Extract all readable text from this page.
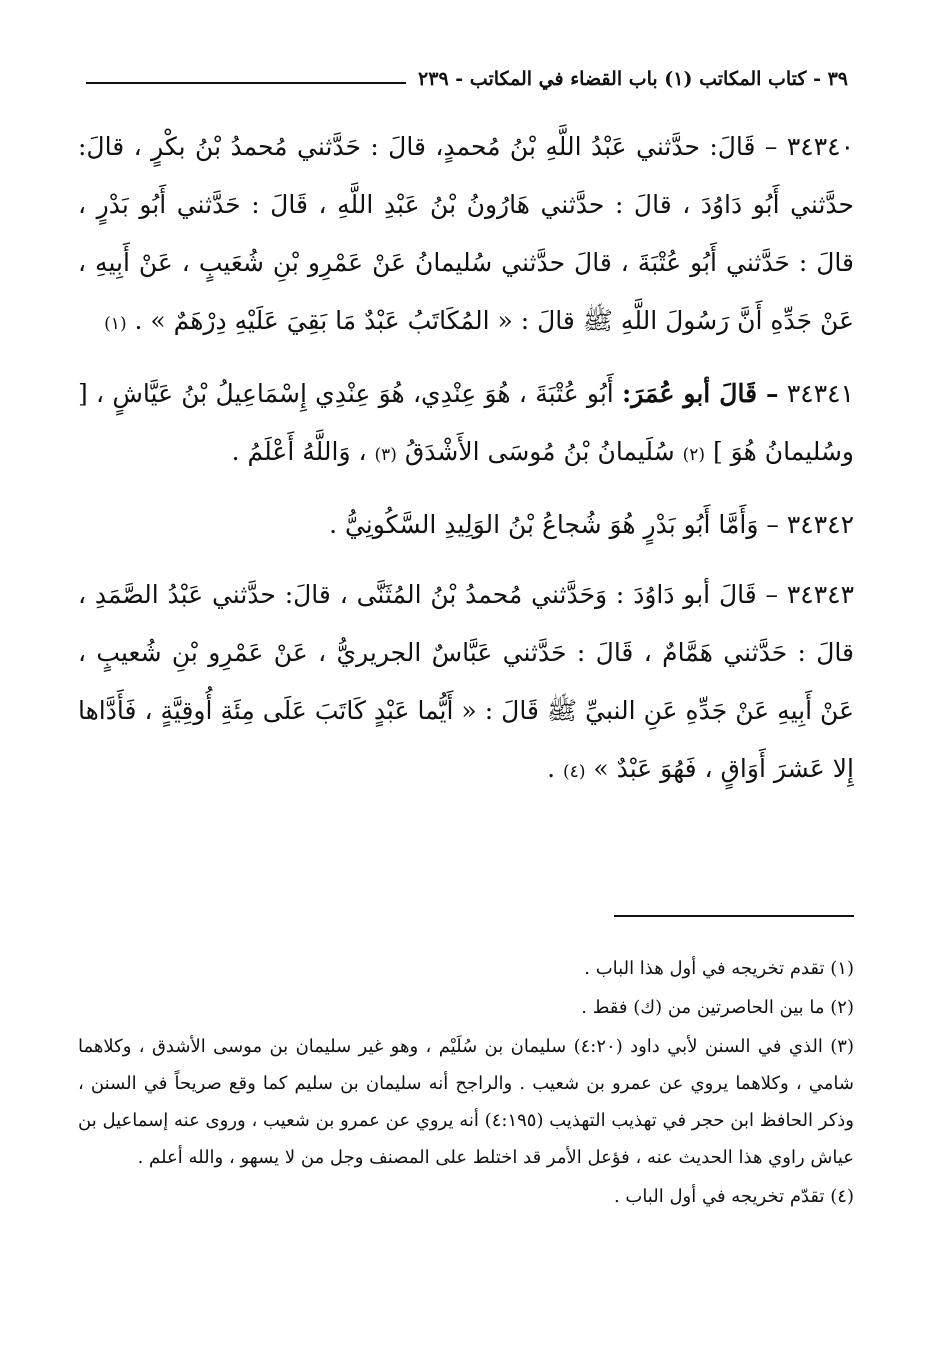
٣٩ - كتاب المكاتب (١) باب القضاء في المكاتب - ٢٣٩

٣٤٣٤٠ – قَالَ: حدَّثني عَبْدُ اللَّهِ بْنُ مُحمدٍ، قالَ : حَدَّثني مُحمدُ بْنُ بكْرٍ ، قالَ: حدَّثني أَبُو دَاوُدَ ، قالَ : حدَّثني هَارُونُ بْنُ عَبْدِ اللَّهِ ، قَالَ : حَدَّثني أَبُو بَدْرٍ ، قالَ : حَدَّثني أَبُو عُتْبَةَ ، قالَ حدَّثني سُليمانُ عَنْ عَمْرِو بْنِ شُعَيبٍ ، عَنْ أَبِيهِ ، عَنْ جَدِّهِ أَنَّ رَسُولَ اللَّهِ ﷺ قالَ : « المُكَاتَبُ عَبْدٌ مَا بَقِيَ عَلَيْهِ دِرْهَمٌ » . (١)

٣٤٣٤١ – قَالَ أبو عُمَرَ: أَبُو عُتْبَةَ ، هُوَ عِنْدِي، هُوَ عِنْدِي إِسْمَاعِيلُ بْنُ عَيَّاشٍ ، [ وسُليمانُ هُوَ ] (٢) سُلَيمانُ بْنُ مُوسَى الأَشْدَقُ (٣) ، وَاللَّهُ أَعْلَمُ .

٣٤٣٤٢ – وَأَمَّا أَبُو بَدْرٍ هُوَ شُجاعُ بْنُ الوَلِيدِ السَّكُونِيُّ .

٣٤٣٤٣ – قَالَ أبو دَاوُدَ : وَحَدَّثني مُحمدُ بْنُ المُثَنَّى ، قالَ: حدَّثني عَبْدُ الصَّمَدِ ، قالَ : حَدَّثني هَمَّامٌ ، قَالَ : حَدَّثني عَبَّاسٌ الجريريُّ ، عَنْ عَمْرِو بْنِ شُعيبٍ ، عَنْ أَبِيهِ عَنْ جَدِّهِ عَنِ النبيِّ ﷺ قَالَ : « أَيُّما عَبْدٍ كَاتَبَ عَلَى مِئَةِ أُوقِيَّةٍ ، فَأَدَّاها إِلا عَشرَ أَوَاقٍ ، فَهُوَ عَبْدٌ » (٤) .

(١) تقدم تخريجه في أول هذا الباب .

(٢) ما بين الحاصرتين من (ك) فقط .

(٣) الذي في السنن لأبي داود (٤:٢٠) سليمان بن سُلَيْم ، وهو غير سليمان بن موسى الأشدق ، وكلاهما شامي ، وكلاهما يروي عن عمرو بن شعيب . والراجح أنه سليمان بن سليم كما وقع صريحاً في السنن ، وذكر الحافظ ابن حجر في تهذيب التهذيب (٤:١٩٥) أنه يروي عن عمرو بن شعيب ، وروى عنه إسماعيل بن عياش راوي هذا الحديث عنه ، فؤعل الأمر قد اختلط على المصنف وجل من لا يسهو ، والله أعلم .

(٤) تقدّم تخريجه في أول الباب .
